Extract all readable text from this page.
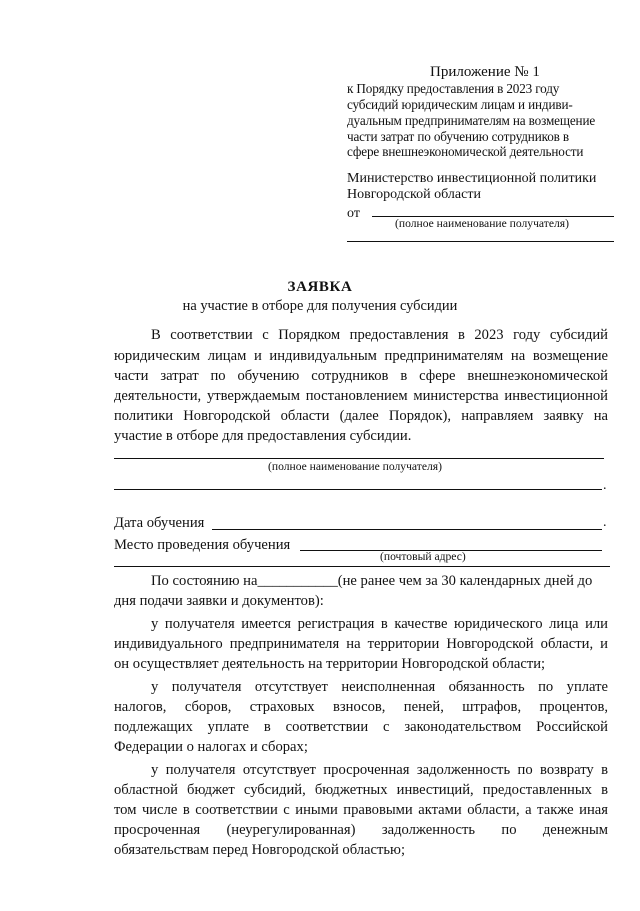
Приложение № 1
к Порядку предоставления в 2023 году
субсидий юридическим лицам и индиви-
дуальным предпринимателям на возмещение
части затрат по обучению сотрудников в
сфере внешнеэкономической деятельности
Министерство инвестиционной политики
Новгородской области
от
(полное наименование получателя)
ЗАЯВКА
на участие в отборе для получения субсидии
В соответствии с Порядком предоставления в 2023 году субсидий
юридическим лицам и индивидуальным предпринимателям на возмещение
части затрат по обучению сотрудников в сфере внешнеэкономической
деятельности, утверждаемым постановлением министерства инвестиционной
политики Новгородской области (далее Порядок), направляем заявку на
участие в отборе для предоставления субсидии.
(полное наименование получателя)
.
Дата обучения	.
Место проведения обучения
(почтовый адрес)
По состоянию на___________(не ранее чем за 30 календарных дней до
дня подачи заявки и документов):
у получателя имеется регистрация в качестве юридического лица или
индивидуального предпринимателя на территории Новгородской области, и
он осуществляет деятельность на территории Новгородской области;
у получателя отсутствует неисполненная обязанность по уплате
налогов, сборов, страховых взносов, пеней, штрафов, процентов,
подлежащих уплате в соответствии с законодательством Российской
Федерации о налогах и сборах;
у получателя отсутствует просроченная задолженность по возврату в
областной бюджет субсидий, бюджетных инвестиций, предоставленных в
том числе в соответствии с иными правовыми актами области, а также иная
просроченная (неурегулированная) задолженность по денежным
обязательствам перед Новгородской областью;
